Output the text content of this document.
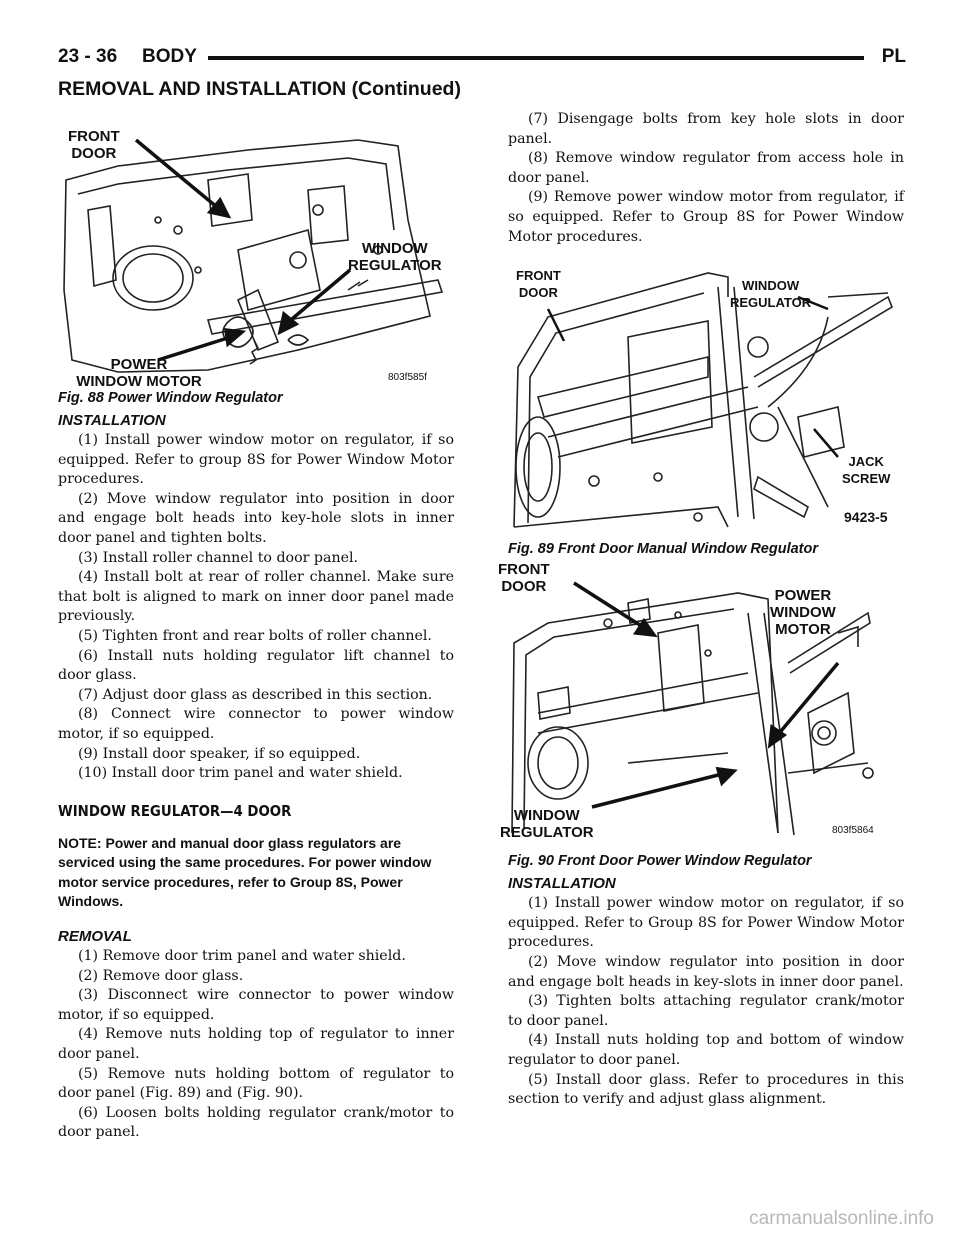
23 - 36 BODY	PL
REMOVAL AND INSTALLATION (Continued)
FRONT
DOOR
WINDOW
REGULATOR
POWER
WINDOW MOTOR	803f585f
Fig. 88 Power Window Regulator
INSTALLATION

(1) Install power window motor on regulator, if so equipped. Refer to group 8S for Power Window Motor procedures.

(2) Move window regulator into position in door and engage bolt heads into key-hole slots in inner door panel and tighten bolts.

(3) Install roller channel to door panel.

(4) Install bolt at rear of roller channel. Make sure that bolt is aligned to mark on inner door panel made previously.

(5) Tighten front and rear bolts of roller channel.

(6) Install nuts holding regulator lift channel to door glass.

(7) Adjust door glass as described in this section.

(8) Connect wire connector to power window motor, if so equipped.

(9) Install door speaker, if so equipped.

(10) Install door trim panel and water shield.

WINDOW REGULATOR—4 DOOR
NOTE: Power and manual door glass regulators are serviced using the same procedures. For power window motor service procedures, refer to Group 8S, Power Windows.
REMOVAL

(1) Remove door trim panel and water shield.

(2) Remove door glass.

(3) Disconnect wire connector to power window motor, if so equipped.

(4) Remove nuts holding top of regulator to inner door panel.

(5) Remove nuts holding bottom of regulator to door panel (Fig. 89) and (Fig. 90).

(6) Loosen bolts holding regulator crank/motor to door panel.

(7) Disengage bolts from key hole slots in door panel.

(8) Remove window regulator from access hole in door panel.

(9) Remove power window motor from regulator, if so equipped. Refer to Group 8S for Power Window Motor procedures.

FRONT
DOOR	WINDOW
REGULATOR
JACK
SCREW
9423-5
Fig. 89 Front Door Manual Window Regulator
FRONT
DOOR
POWER
WINDOW
MOTOR
WINDOW
REGULATOR	803f5864
Fig. 90 Front Door Power Window Regulator
INSTALLATION

(1) Install power window motor on regulator, if so equipped. Refer to Group 8S for Power Window Motor procedures.

(2) Move window regulator into position in door and engage bolt heads in key-slots in inner door panel.

(3) Tighten bolts attaching regulator crank/motor to door panel.

(4) Install nuts holding top and bottom of window regulator to door panel.

(5) Install door glass. Refer to procedures in this section to verify and adjust glass alignment.

carmanualsonline.info
